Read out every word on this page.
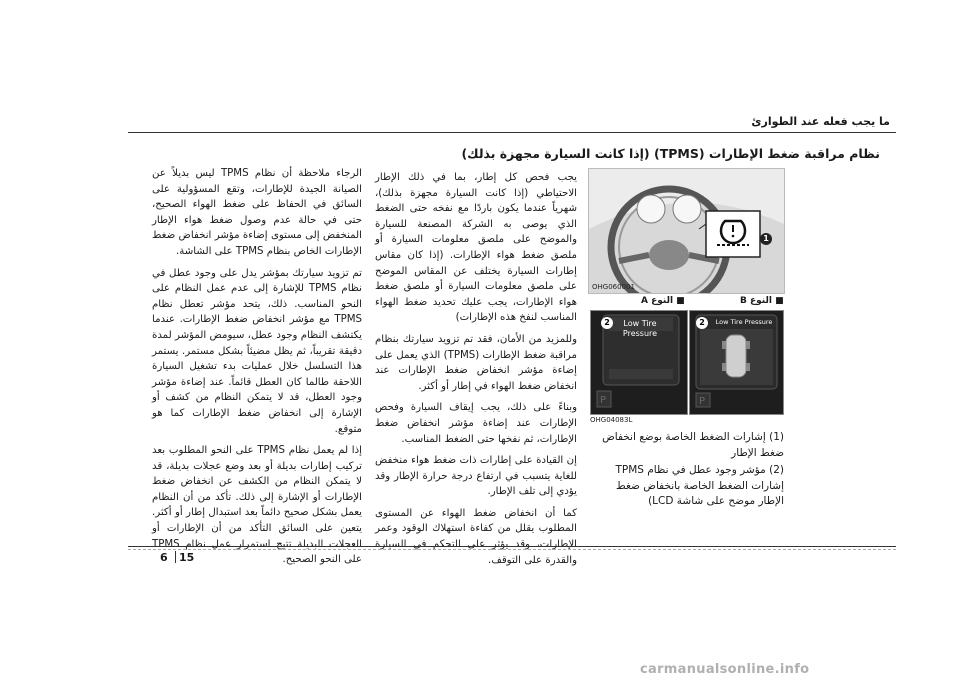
ما يجب فعله عند الطوارئ
نظام مراقبة ضغط الإطارات (TPMS) (إذا كانت السيارة مجهزة بذلك)

يجب فحص كل إطار، بما في ذلك الإطار الاحتياطي (إذا كانت السيارة مجهزة بذلك)، شهرياً عندما يكون باردًا مع نفخه حتى الضغط الذي يوصى به الشركة المصنعة للسيارة والموضح على ملصق معلومات السيارة أو ملصق ضغط هواء الإطارات. (إذا كان مقاس إطارات السيارة يختلف عن المقاس الموضح على ملصق معلومات السيارة أو ملصق ضغط هواء الإطارات، يجب عليك تحديد ضغط الهواء المناسب لنفخ هذه الإطارات)

وللمزيد من الأمان، فقد تم تزويد سيارتك بنظام مراقبة ضغط الإطارات (TPMS) الذي يعمل على إضاءة مؤشر انخفاض ضغط الإطارات عند انخفاض ضغط الهواء في إطار أو أكثر.

وبناءً على ذلك، يجب إيقاف السيارة وفحص الإطارات عند إضاءة مؤشر انخفاض ضغط الإطارات، ثم نفخها حتى الضغط المناسب.

إن القيادة على إطارات ذات ضغط هواء منخفض للغاية يتسبب في ارتفاع درجة حرارة الإطار وقد يؤدي إلى تلف الإطار.

كما أن انخفاض ضغط الهواء عن المستوى المطلوب يقلل من كفاءة استهلاك الوقود وعمر الإطارات، وقد يؤثر على التحكم في السيارة والقدرة على التوقف.

الرجاء ملاحظة أن نظام TPMS ليس بديلاً عن الصيانة الجيدة للإطارات، وتقع المسؤولية على السائق في الحفاظ على ضغط الهواء الصحيح، حتى في حالة عدم وصول ضغط هواء الإطار المنخفض إلى مستوى إضاءة مؤشر انخفاض ضغط الإطارات الخاص بنظام TPMS على الشاشة.

تم تزويد سيارتك بمؤشر يدل على وجود عطل في نظام TPMS للإشارة إلى عدم عمل النظام على النحو المناسب. ذلك، يتحد مؤشر تعطل نظام TPMS مع مؤشر انخفاض ضغط الإطارات. عندما يكتشف النظام وجود عطل، سيومض المؤشر لمدة دقيقة تقريباً، ثم يظل مضيئاً بشكل مستمر. يستمر هذا التسلسل خلال عمليات بدء تشغيل السيارة اللاحقة طالما كان العطل قائماً. عند إضاءة مؤشر وجود العطل، قد لا يتمكن النظام من كشف أو الإشارة إلى انخفاض ضغط الإطارات كما هو متوقع.

إذا لم يعمل نظام TPMS على النحو المطلوب بعد تركيب إطارات بديلة أو بعد وضع عجلات بديلة، قد لا يتمكن النظام من الكشف عن انخفاض ضغط الإطارات أو الإشارة إلى ذلك. تأكد من أن النظام يعمل بشكل صحيح دائماً بعد استبدال إطار أو أكثر. يتعين على السائق التأكد من أن الإطارات أو العجلات البديلة تتيح استمرار عمل نظام TPMS على النحو الصحيح.

1
OHG060001
■ النوع B
■ النوع A
P
2	Low Tire Pressure
P
2	Low Tire Pressure
OHG04083L
(1) إشارات الضغط الخاصة بوضع انخفاض ضغط الإطار
(2) مؤشر وجود عطل في نظام TPMS إشارات الضغط الخاصة بانخفاض ضغط الإطار موضح على شاشة LCD)
15
6
carmanualsonline.info
